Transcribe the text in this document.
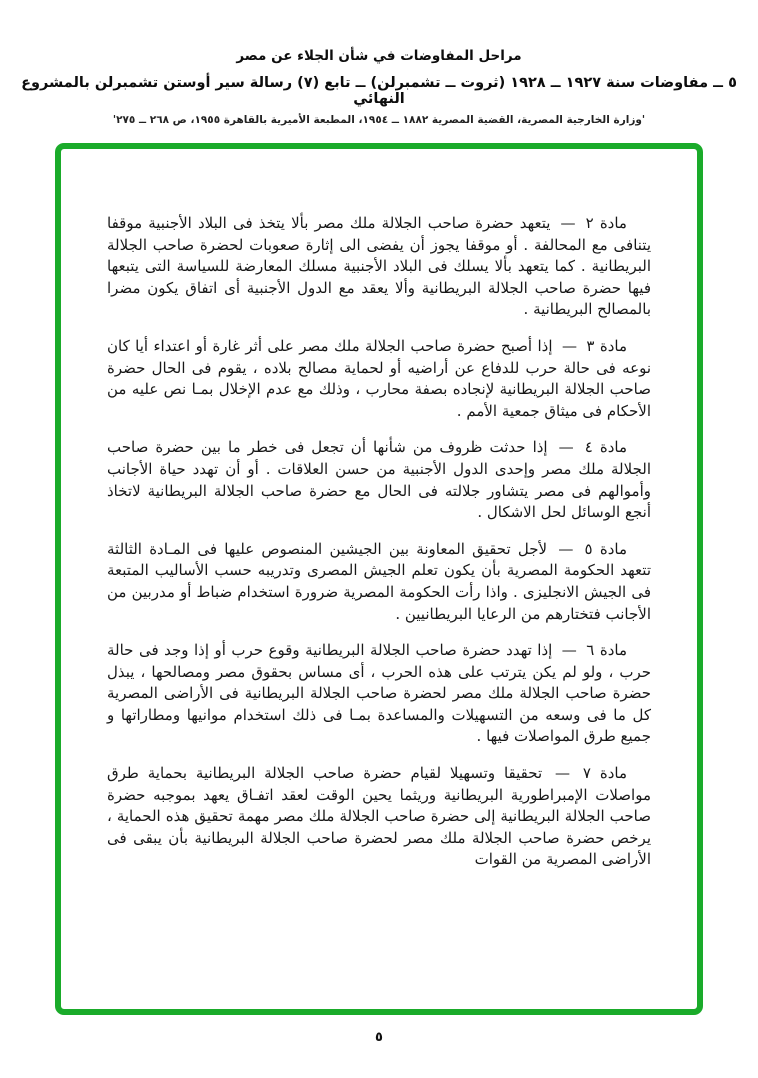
مراحل المفاوضات في شأن الجلاء عن مصر
٥ ــ مفاوضات سنة ١٩٢٧ ــ ١٩٢٨ (ثروت ــ تشمبرلن) ــ تابع (٧) رسالة سير أوستن تشمبرلن بالمشروع النهائي
'وزارة الخارجية المصرية، القضية المصرية ١٨٨٢ ــ ١٩٥٤، المطبعة الأميرية بالقاهرة ١٩٥٥، ص ٢٦٨ ــ ٢٧٥'

مادة ٢ — يتعهد حضرة صاحب الجلالة ملك مصر بألا يتخذ فى البلاد الأجنبية موقفا يتنافى مع المحالفة . أو موقفا يجوز أن يفضى الى إثارة صعوبات لحضرة صاحب الجلالة البريطانية . كما يتعهد بألا يسلك فى البلاد الأجنبية مسلك المعارضة للسياسة التى يتبعها فيها حضرة صاحب الجلالة البريطانية وألا يعقد مع الدول الأجنبية أى اتفاق يكون مضرا بالمصالح البريطانية .

مادة ٣ — إذا أصبح حضرة صاحب الجلالة ملك مصر على أثر غارة أو اعتداء أيا كان نوعه فى حالة حرب للدفاع عن أراضيه أو لحماية مصالح بلاده ، يقوم فى الحال حضرة صاحب الجلالة البريطانية لإنجاده بصفة محارب ، وذلك مع عدم الإخلال بمـا نص عليه من الأحكام فى ميثاق جمعية الأمم .

مادة ٤ — إذا حدثت ظروف من شأنها أن تجعل فى خطر ما بين حضرة صاحب الجلالة ملك مصر وإحدى الدول الأجنبية من حسن العلاقات . أو أن تهدد حياة الأجانب وأموالهم فى مصر يتشاور جلالته فى الحال مع حضرة صاحب الجلالة البريطانية لاتخاذ أنجع الوسائل لحل الاشكال .

مادة ٥ — لأجل تحقيق المعاونة بين الجيشين المنصوص عليها فى المـادة الثالثة تتعهد الحكومة المصرية بأن يكون تعلم الجيش المصرى وتدريبه حسب الأساليب المتبعة فى الجيش الانجليزى . واذا رأت الحكومة المصرية ضرورة استخدام ضباط أو مدربين من الأجانب فتختارهم من الرعايا البريطانيين .

مادة ٦ — إذا تهدد حضرة صاحب الجلالة البريطانية وقوع حرب أو إذا وجد فى حالة حرب ، ولو لم يكن يترتب على هذه الحرب ، أى مساس بحقوق مصر ومصالحها ، يبذل حضرة صاحب الجلالة ملك مصر لحضرة صاحب الجلالة البريطانية فى الأراضى المصرية كل ما فى وسعه من التسهيلات والمساعدة بمـا فى ذلك استخدام موانيها ومطاراتها و جميع طرق المواصلات فيها .

مادة ٧ — تحقيقا وتسهيلا لقيام حضرة صاحب الجلالة البريطانية بحماية طرق مواصلات الإمبراطورية البريطانية وريثما يحين الوقت لعقد اتفـاق يعهد بموجبه حضرة صاحب الجلالة البريطانية إلى حضرة صاحب الجلالة ملك مصر مهمة تحقيق هذه الحماية ، يرخص حضرة صاحب الجلالة ملك مصر لحضرة صاحب الجلالة البريطانية بأن يبقى فى الأراضى المصرية من القوات

٥
